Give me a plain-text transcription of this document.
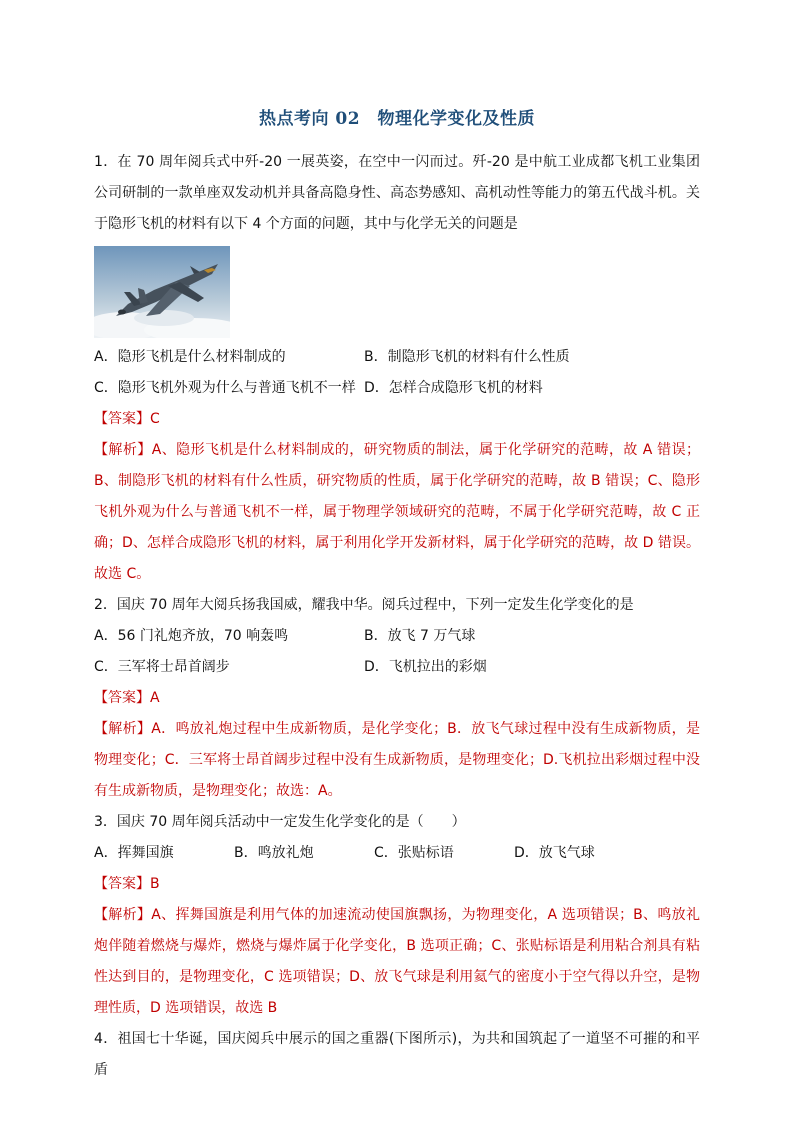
热点考向 02　物理化学变化及性质

1．在 70 周年阅兵式中歼-20 一展英姿，在空中一闪而过。歼-20 是中航工业成都飞机工业集团公司研制的一款单座双发动机并具备高隐身性、高态势感知、高机动性等能力的第五代战斗机。关于隐形飞机的材料有以下 4 个方面的问题，其中与化学无关的问题是

A．隐形飞机是什么材料制成的	B．制隐形飞机的材料有什么性质
C．隐形飞机外观为什么与普通飞机不一样 D．怎样合成隐形飞机的材料

【答案】C

【解析】A、隐形飞机是什么材料制成的，研究物质的制法，属于化学研究的范畴，故 A 错误；B、制隐形飞机的材料有什么性质，研究物质的性质，属于化学研究的范畴，故 B 错误；C、隐形飞机外观为什么与普通飞机不一样，属于物理学领域研究的范畴，不属于化学研究范畴，故 C 正确；D、怎样合成隐形飞机的材料，属于利用化学开发新材料，属于化学研究的范畴，故 D 错误。故选 C。

2．国庆 70 周年大阅兵扬我国威，耀我中华。阅兵过程中，下列一定发生化学变化的是

A．56 门礼炮齐放，70 响轰鸣	B．放飞 7 万气球
C．三军将士昂首阔步	D．飞机拉出的彩烟

【答案】A

【解析】A．鸣放礼炮过程中生成新物质，是化学变化；B．放飞气球过程中没有生成新物质，是物理变化；C．三军将士昂首阔步过程中没有生成新物质，是物理变化；D.飞机拉出彩烟过程中没有生成新物质，是物理变化；故选：A。

3．国庆 70 周年阅兵活动中一定发生化学变化的是（　　）

A．挥舞国旗	B．鸣放礼炮	C．张贴标语	D．放飞气球

【答案】B

【解析】A、挥舞国旗是利用气体的加速流动使国旗飘扬，为物理变化，A 选项错误；B、鸣放礼炮伴随着燃烧与爆炸，燃烧与爆炸属于化学变化，B 选项正确；C、张贴标语是利用粘合剂具有粘性达到目的，是物理变化，C 选项错误；D、放飞气球是利用氦气的密度小于空气得以升空，是物理性质，D 选项错误，故选 B

4．祖国七十华诞，国庆阅兵中展示的国之重器(下图所示)，为共和国筑起了一道坚不可摧的和平盾
